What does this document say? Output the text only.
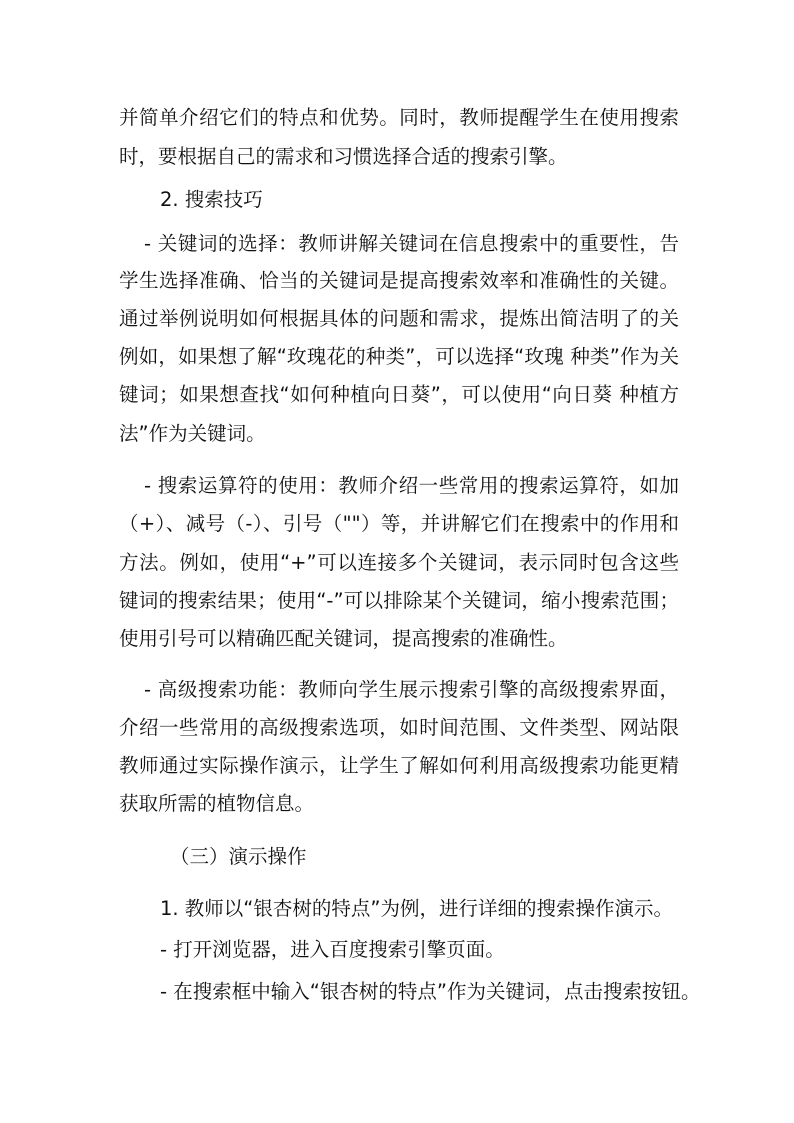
并简单介绍它们的特点和优势。同时，教师提醒学生在使用搜索
时，要根据自己的需求和习惯选择合适的搜索引擎。
2. 搜索技巧
- 关键词的选择：教师讲解关键词在信息搜索中的重要性，告
学生选择准确、恰当的关键词是提高搜索效率和准确性的关键。
通过举例说明如何根据具体的问题和需求，提炼出简洁明了的关
例如，如果想了解“玫瑰花的种类”，可以选择“玫瑰 种类”作为关
键词；如果想查找“如何种植向日葵”，可以使用“向日葵 种植方
法”作为关键词。
- 搜索运算符的使用：教师介绍一些常用的搜索运算符，如加
（+）、减号（-）、引号（""）等，并讲解它们在搜索中的作用和
方法。例如，使用“+”可以连接多个关键词，表示同时包含这些
键词的搜索结果；使用“-”可以排除某个关键词，缩小搜索范围；
使用引号可以精确匹配关键词，提高搜索的准确性。
- 高级搜索功能：教师向学生展示搜索引擎的高级搜索界面，
介绍一些常用的高级搜索选项，如时间范围、文件类型、网站限
教师通过实际操作演示，让学生了解如何利用高级搜索功能更精
获取所需的植物信息。
（三）演示操作
1. 教师以“银杏树的特点”为例，进行详细的搜索操作演示。
- 打开浏览器，进入百度搜索引擎页面。
- 在搜索框中输入“银杏树的特点”作为关键词，点击搜索按钮。
